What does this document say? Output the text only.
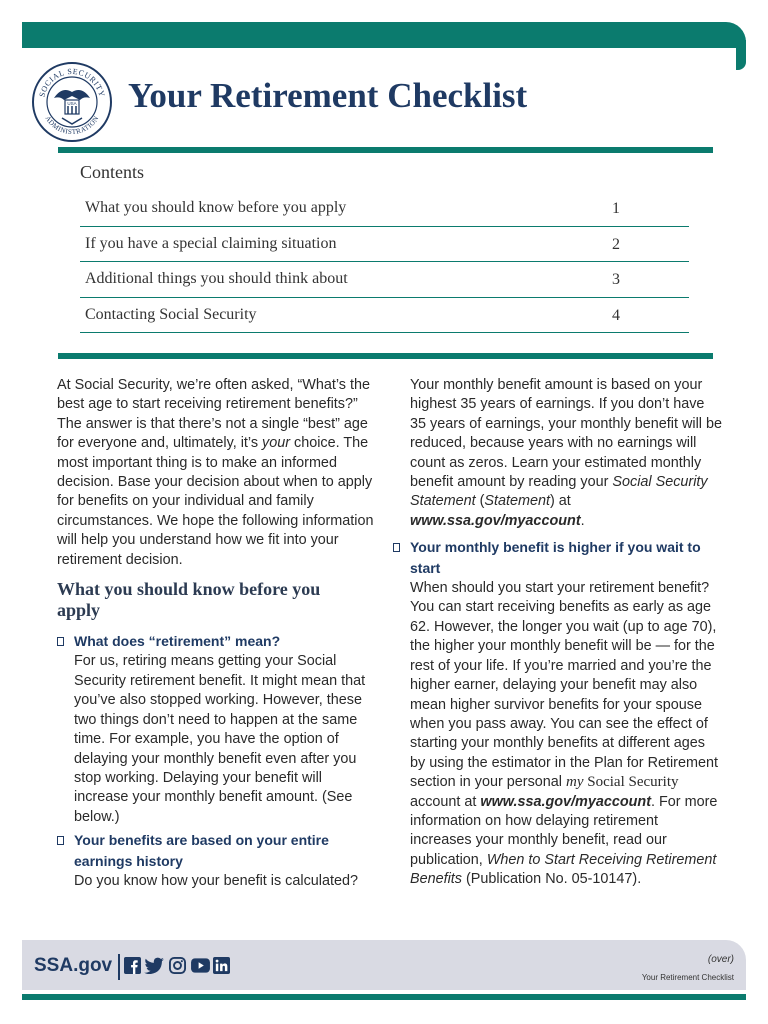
SOCIAL SECURITY
ADMINISTRATION
USA Your Retirement Checklist
Contents
What you should know before you apply	1
If you have a special claiming situation	2
Additional things you should think about	3
Contacting Social Security	4

At Social Security, we’re often asked, “What’s the best age to start receiving retirement benefits?” The answer is that there’s not a single “best” age for everyone and, ultimately, it’s your choice. The most important thing is to make an informed decision. Base your decision about when to apply for benefits on your individual and family circumstances. We hope the following information will help you understand how we fit into your retirement decision.

What you should know before you apply
What does “retirement” mean?

For us, retiring means getting your Social Security retirement benefit. It might mean that you’ve also stopped working. However, these two things don’t need to happen at the same time. For example, you have the option of delaying your monthly benefit even after you stop working. Delaying your benefit will increase your monthly benefit amount. (See below.)

Your benefits are based on your entire earnings history

Do you know how your benefit is calculated?

Your monthly benefit amount is based on your highest 35 years of earnings. If you don’t have 35 years of earnings, your monthly benefit will be reduced, because years with no earnings will count as zeros. Learn your estimated monthly benefit amount by reading your Social Security Statement (Statement) at www.ssa.gov/myaccount.

Your monthly benefit is higher if you wait to start

When should you start your retirement benefit? You can start receiving benefits as early as age 62. However, the longer you wait (up to age 70), the higher your monthly benefit will be — for the rest of your life. If you’re married and you’re the higher earner, delaying your benefit may also mean higher survivor benefits for your spouse when you pass away. You can see the effect of starting your monthly benefits at different ages by using the estimator in the Plan for Retirement section in your personal my Social Security account at www.ssa.gov/myaccount. For more information on how delaying retirement increases your monthly benefit, read our publication, When to Start Receiving Retirement Benefits (Publication No. 05-10147).

SSA.gov	(over)
Your Retirement Checklist
